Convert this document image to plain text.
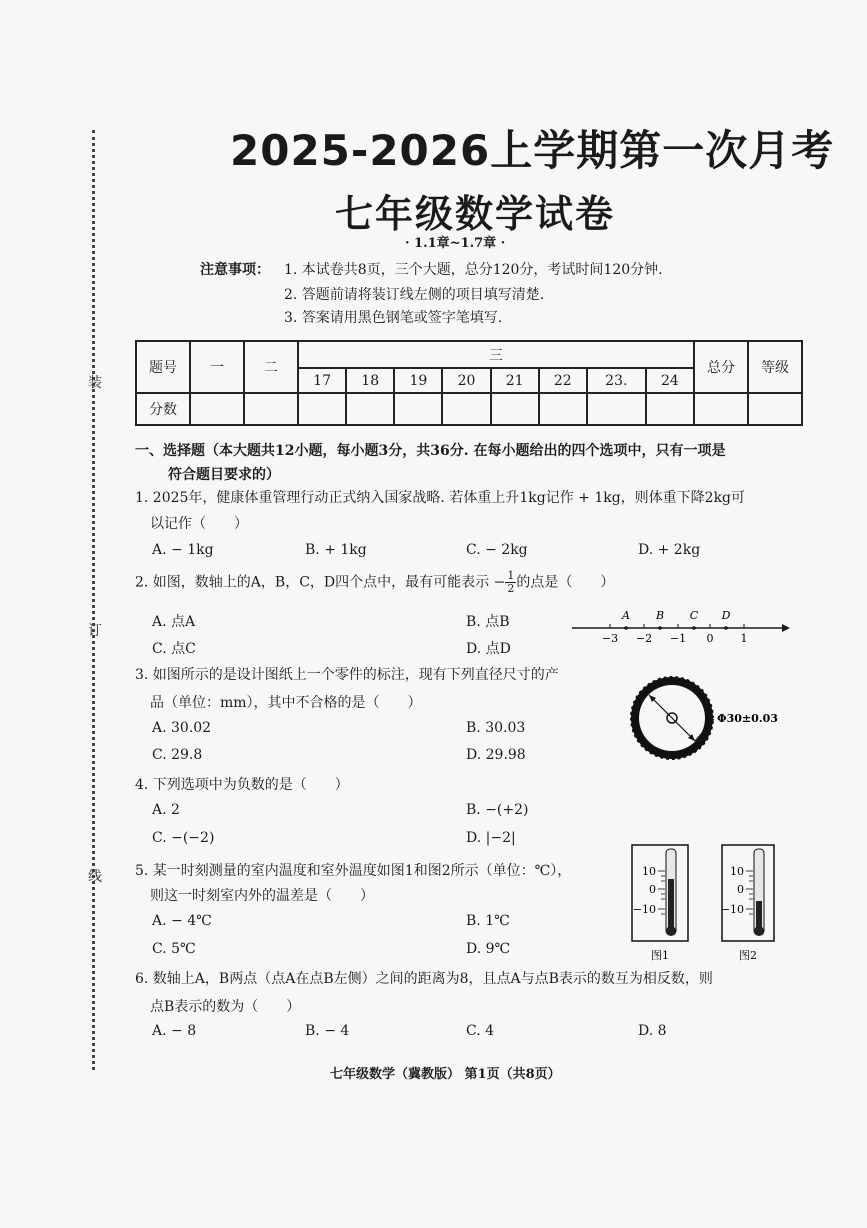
装
订
线
2025-2026上学期第一次月考
七年级数学试卷
· 1.1章~1.7章 ·
注意事项： 1. 本试卷共8页，三个大题，总分120分，考试时间120分钟.
2. 答题前请将装订线左侧的项目填写清楚.
3. 答案请用黑色钢笔或签字笔填写.
题号	一	二	三								总分	等级
			17	18	19	20	21	22	23.	24		
分数												
一、选择题（本大题共12小题，每小题3分，共36分. 在每小题给出的四个选项中，只有一项是
符合题目要求的）
1. 2025年，健康体重管理行动正式纳入国家战略. 若体重上升1kg记作 + 1kg，则体重下降2kg可
以记作（　　）
A. − 1kg	B. + 1kg	C. − 2kg	D. + 2kg
2. 如图，数轴上的A，B，C，D四个点中，最有可能表示 − $\frac{1}{2}$ 的点是（　　）
A. 点A	B. 点B
C. 点C	D. 点D
−3 −2 −1 0 1
A B C D
3. 如图所示的是设计图纸上一个零件的标注，现有下列直径尺寸的产
品（单位：mm），其中不合格的是（　　）
A. 30.02	B. 30.03
C. 29.8	D. 29.98
Φ30±0.03
4. 下列选项中为负数的是（　　）
A. 2	B. −(+2)
C. −(−2)	D. |−2|
5. 某一时刻测量的室内温度和室外温度如图1和图2所示（单位：℃），
则这一时刻室内外的温差是（　　）
A. − 4℃	B. 1℃
C. 5℃	D. 9℃
10
0
−10
图1
10
0
−10
图2
6. 数轴上A，B两点（点A在点B左侧）之间的距离为8，且点A与点B表示的数互为相反数，则
点B表示的数为（　　）
A. − 8	B. − 4	C. 4	D. 8
七年级数学（冀教版） 第1页（共8页）
